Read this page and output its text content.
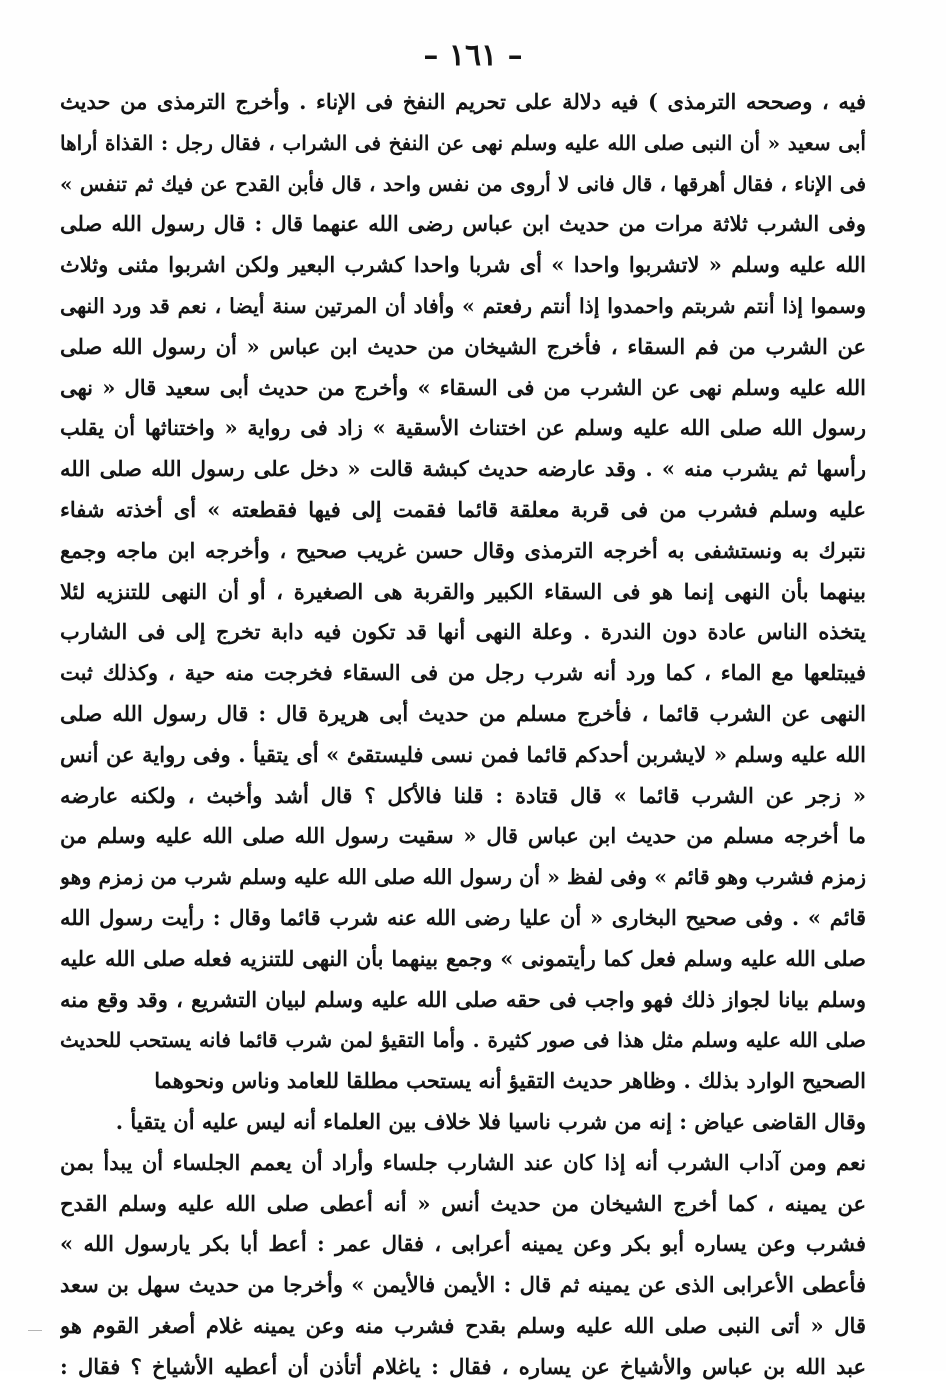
– ١٦١ –
فيه ، وصححه الترمذى ) فيه دلالة على تحريم النفخ فى الإناء . وأخرج الترمذى من حديث
أبى سعيد « أن النبى صلى الله عليه وسلم نهى عن النفخ فى الشراب ، فقال رجل : القذاة أراها
فى الإناء ، فقال أهرقها ، قال فانى لا أروى من نفس واحد ، قال فأبن القدح عن فيك ثم تنفس »
وفى الشرب ثلاثة مرات من حديث ابن عباس رضى الله عنهما قال : قال رسول الله صلى
الله عليه وسلم « لاتشربوا واحدا » أى شربا واحدا كشرب البعير ولكن اشربوا مثنى وثلاث
وسموا إذا أنتم شربتم واحمدوا إذا أنتم رفعتم » وأفاد أن المرتين سنة أيضا ، نعم قد ورد النهى
عن الشرب من فم السقاء ، فأخرج الشيخان من حديث ابن عباس « أن رسول الله صلى
الله عليه وسلم نهى عن الشرب من فى السقاء » وأخرج من حديث أبى سعيد قال « نهى
رسول الله صلى الله عليه وسلم عن اختناث الأسقية » زاد فى رواية « واختناثها أن يقلب
رأسها ثم يشرب منه » . وقد عارضه حديث كبشة قالت « دخل على رسول الله صلى الله
عليه وسلم فشرب من فى قربة معلقة قائما فقمت إلى فيها فقطعته » أى أخذته شفاء
نتبرك به ونستشفى به أخرجه الترمذى وقال حسن غريب صحيح ، وأخرجه ابن ماجه وجمع
بينهما بأن النهى إنما هو فى السقاء الكبير والقربة هى الصغيرة ، أو أن النهى للتنزيه لئلا
يتخذه الناس عادة دون الندرة . وعلة النهى أنها قد تكون فيه دابة تخرج إلى فى الشارب
فيبتلعها مع الماء ، كما ورد أنه شرب رجل من فى السقاء فخرجت منه حية ، وكذلك ثبت
النهى عن الشرب قائما ، فأخرج مسلم من حديث أبى هريرة قال : قال رسول الله صلى
الله عليه وسلم « لايشربن أحدكم قائما فمن نسى فليستقئ » أى يتقيأ . وفى رواية عن أنس
« زجر عن الشرب قائما » قال قتادة : قلنا فالأكل ؟ قال أشد وأخبث ، ولكنه عارضه
ما أخرجه مسلم من حديث ابن عباس قال « سقيت رسول الله صلى الله عليه وسلم من
زمزم فشرب وهو قائم » وفى لفظ « أن رسول الله صلى الله عليه وسلم شرب من زمزم وهو
قائم » . وفى صحيح البخارى « أن عليا رضى الله عنه شرب قائما وقال : رأيت رسول الله
صلى الله عليه وسلم فعل كما رأيتمونى » وجمع بينهما بأن النهى للتنزيه فعله صلى الله عليه
وسلم بيانا لجواز ذلك فهو واجب فى حقه صلى الله عليه وسلم لبيان التشريع ، وقد وقع منه
صلى الله عليه وسلم مثل هذا فى صور كثيرة . وأما التقيؤ لمن شرب قائما فانه يستحب للحديث
الصحيح الوارد بذلك . وظاهر حديث التقيؤ أنه يستحب مطلقا للعامد وناس ونحوهما
وقال القاضى عياض : إنه من شرب ناسيا فلا خلاف بين العلماء أنه ليس عليه أن يتقيأ .
نعم ومن آداب الشرب أنه إذا كان عند الشارب جلساء وأراد أن يعمم الجلساء أن يبدأ بمن
عن يمينه ، كما أخرج الشيخان من حديث أنس « أنه أعطى صلى الله عليه وسلم القدح
فشرب وعن يساره أبو بكر وعن يمينه أعرابى ، فقال عمر : أعط أبا بكر يارسول الله »
فأعطى الأعرابى الذى عن يمينه ثم قال : الأيمن فالأيمن » وأخرجا من حديث سهل بن سعد
قال « أتى النبى صلى الله عليه وسلم بقدح فشرب منه وعن يمينه غلام أصغر القوم هو
عبد الله بن عباس والأشياخ عن يساره ، فقال : ياغلام أتأذن أن أعطيه الأشياخ ؟ فقال :
